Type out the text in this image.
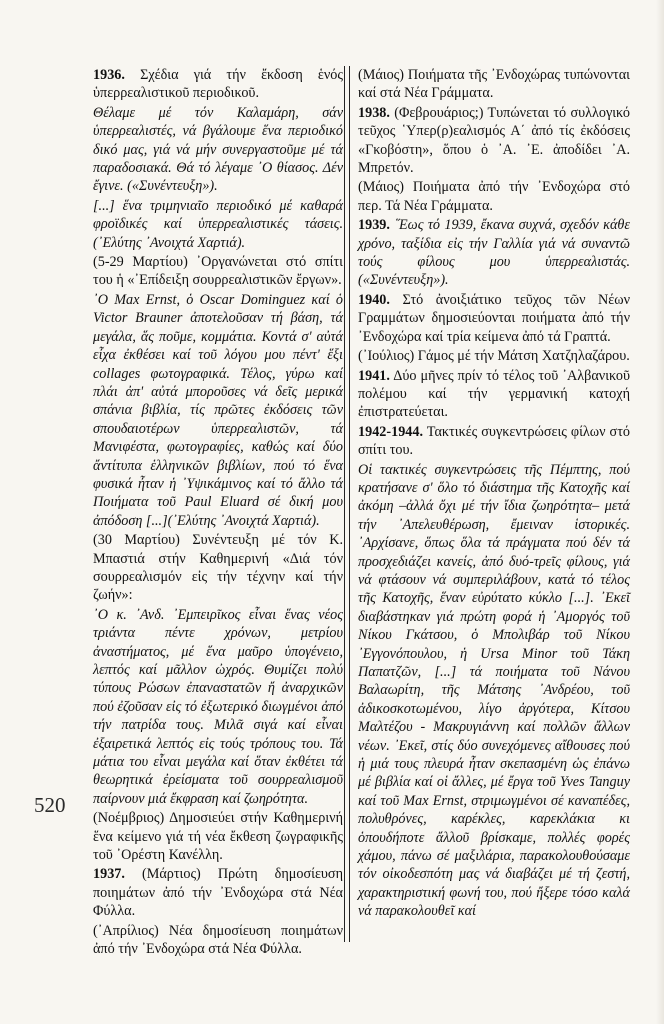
520

1936. Σχέδια γιά τήν ἔκδοση ἑνός ὑπερρεαλιστικοῦ περιοδικοῦ.

Θέλαμε μέ τόν Καλαμάρη, σάν ὑπερρεαλιστές, νά βγάλουμε ἕνα περιοδικό δικό μας, γιά νά μήν συνεργαστοῦμε μέ τά παραδοσιακά. Θά τό λέγαμε ᾿Ο θίασος. Δέν ἔγινε. («Συνέντευξη»).

[...] ἕνα τριμηνιαῖο περιοδικό μέ καθαρά φροϊδικές καί ὑπερρεαλιστικές τάσεις. (᾿Ελύτης ᾿Ανοιχτά Χαρτιά).

(5-29 Μαρτίου) ᾿Οργανώνεται στό σπίτι του ἡ «᾿Επίδειξη σουρρεαλιστικῶν ἔργων».

᾿Ο Max Ernst, ὁ Oscar Dominguez καί ὁ Victor Brauner ἀποτελοῦσαν τή βάση, τά μεγάλα, ἅς ποῦμε, κομμάτια. Κοντά σ' αὐτά εἶχα ἐκθέσει καί τοῦ λόγου μου πέντ' ἕξι collages φωτογραφικά. Τέλος, γύρω καί πλάι ἀπ' αὐτά μποροῦσες νά δεῖς μερικά σπάνια βιβλία, τίς πρῶτες ἐκδόσεις τῶν σπουδαιοτέρων ὑπερρεαλιστῶν, τά Μανιφέστα, φωτογραφίες, καθώς καί δύο ἄντίτυπα ἑλληνικῶν βιβλίων, πού τό ἕνα φυσικά ἦταν ἡ ᾿Υψικάμινος καί τό ἄλλο τά Ποιήματα τοῦ Paul Eluard σέ δική μου ἀπόδοση [...](᾿Ελύτης ᾿Ανοιχτά Χαρτιά).

(30 Μαρτίου) Συνέντευξη μέ τόν Κ. Μπαστιά στήν Καθημερινή «Διά τόν σουρρεαλισμόν εἰς τήν τέχνην καί τήν ζωήν»:

᾿Ο κ. ᾿Ανδ. ᾿Εμπειρῖκος εἶναι ἕνας νέος τριάντα πέντε χρόνων, μετρίου ἀναστήματος, μέ ἕνα μαῦρο ὑπογένειο, λεπτός καί μᾶλλον ὠχρός. Θυμίζει πολύ τύπους Ρώσων ἐπαναστατῶν ἤ ἀναρχικῶν πού ἐζοῦσαν εἰς τό ἐξωτερικό διωγμένοι ἀπό τήν πατρίδα τους. Μιλᾶ σιγά καί εἶναι ἐξαιρετικά λεπτός εἰς τούς τρόπους του. Τά μάτια του εἶναι μεγάλα καί ὅταν ἐκθέτει τά θεωρητικά ἐρείσματα τοῦ σουρρεαλισμοῦ παίρνουν μιά ἔκφραση καί ζωηρότητα.

(Νοέμβριος) Δημοσιεύει στήν Καθημερινή ἕνα κείμενο γιά τή νέα ἔκθεση ζωγραφικῆς τοῦ ᾿Ορέστη Κανέλλη.

1937. (Μάρτιος) Πρώτη δημοσίευση ποιημάτων ἀπό τήν ᾿Ενδοχώρα στά Νέα Φύλλα.

(᾿Απρίλιος) Νέα δημοσίευση ποιημάτων ἀπό τήν ᾿Ενδοχώρα στά Νέα Φύλλα.

(Μάιος) Ποιήματα τῆς ᾿Ενδοχώρας τυπώνονται καί στά Νέα Γράμματα.

1938. (Φεβρουάριος;) Τυπώνεται τό συλλογικό τεῦχος ῾Υπερ(ρ)εαλισμός Α΄ ἀπό τίς ἐκδόσεις «Γκοβόστη», ὅπου ὁ ᾿Α. ᾿Ε. ἀποδίδει ᾿Α. Μπρετόν.

(Μάιος) Ποιήματα ἀπό τήν ᾿Ενδοχώρα στό περ. Τά Νέα Γράμματα.

1939. ῞Εως τό 1939, ἔκανα συχνά, σχεδόν κάθε χρόνο, ταξίδια εἰς τήν Γαλλία γιά νά συναντῶ τούς φίλους μου ὑπερρεαλιστάς. («Συνέντευξη»).

1940. Στό ἀνοιξιάτικο τεῦχος τῶν Νέων Γραμμάτων δημοσιεύονται ποιήματα ἀπό τήν ᾿Ενδοχώρα καί τρία κείμενα ἀπό τά Γραπτά.

(᾿Ιούλιος) Γάμος μέ τήν Μάτση Χατζηλαζάρου.

1941. Δύο μῆνες πρίν τό τέλος τοῦ ᾿Αλβανικοῦ πολέμου καί τήν γερμανική κατοχή ἐπιστρατεύεται.

1942-1944. Τακτικές συγκεντρώσεις φίλων στό σπίτι του.

Οἱ τακτικές συγκεντρώσεις τῆς Πέμπτης, πού κρατήσανε σ' ὅλο τό διάστημα τῆς Κατοχῆς καί ἀκόμη –ἀλλά ὄχι μέ τήν ἴδια ζωηρότητα– μετά τήν ᾿Απελευθέρωση, ἔμειναν ἱστορικές. ᾿Αρχίσανε, ὅπως ὅλα τά πράγματα πού δέν τά προσχεδιάζει κανείς, ἀπό δυό-τρεῖς φίλους, γιά νά φτάσουν νά συμπεριλάβουν, κατά τό τέλος τῆς Κατοχῆς, ἕναν εὐρύτατο κύκλο [...]. ᾿Εκεῖ διαβάστηκαν γιά πρώτη φορά ἡ ᾿Αμοργός τοῦ Νίκου Γκάτσου, ὁ Μπολιβάρ τοῦ Νίκου ᾿Εγγονόπουλου, ἡ Ursa Minor τοῦ Τάκη Παπατζῶν, [...] τά ποιήματα τοῦ Νάνου Βαλαωρίτη, τῆς Μάτσης ᾿Ανδρέου, τοῦ ἀδικοσκοτωμένου, λίγο ἀργότερα, Κίτσου Μαλτέζου - Μακρυγιάννη καί πολλῶν ἄλλων νέων. ᾿Εκεῖ, στίς δύο συνεχόμενες αἴθουσες πού ἡ μιά τους πλευρά ἦταν σκεπασμένη ὡς ἐπάνω μέ βιβλία καί οἱ ἄλλες, μέ ἔργα τοῦ Yves Tanguy καί τοῦ Max Ernst, στριμωγμένοι σέ καναπέδες, πολυθρόνες, καρέκλες, καρεκλάκια κι ὁπουδήποτε ἄλλοῦ βρίσκαμε, πολλές φορές χάμου, πάνω σέ μαξιλάρια, παρακολουθούσαμε τόν οἰκοδεσπότη μας νά διαβάζει μέ τή ζεστή, χαρακτηριστική φωνή του, πού ἤξερε τόσο καλά νά παρακολουθεῖ καί
